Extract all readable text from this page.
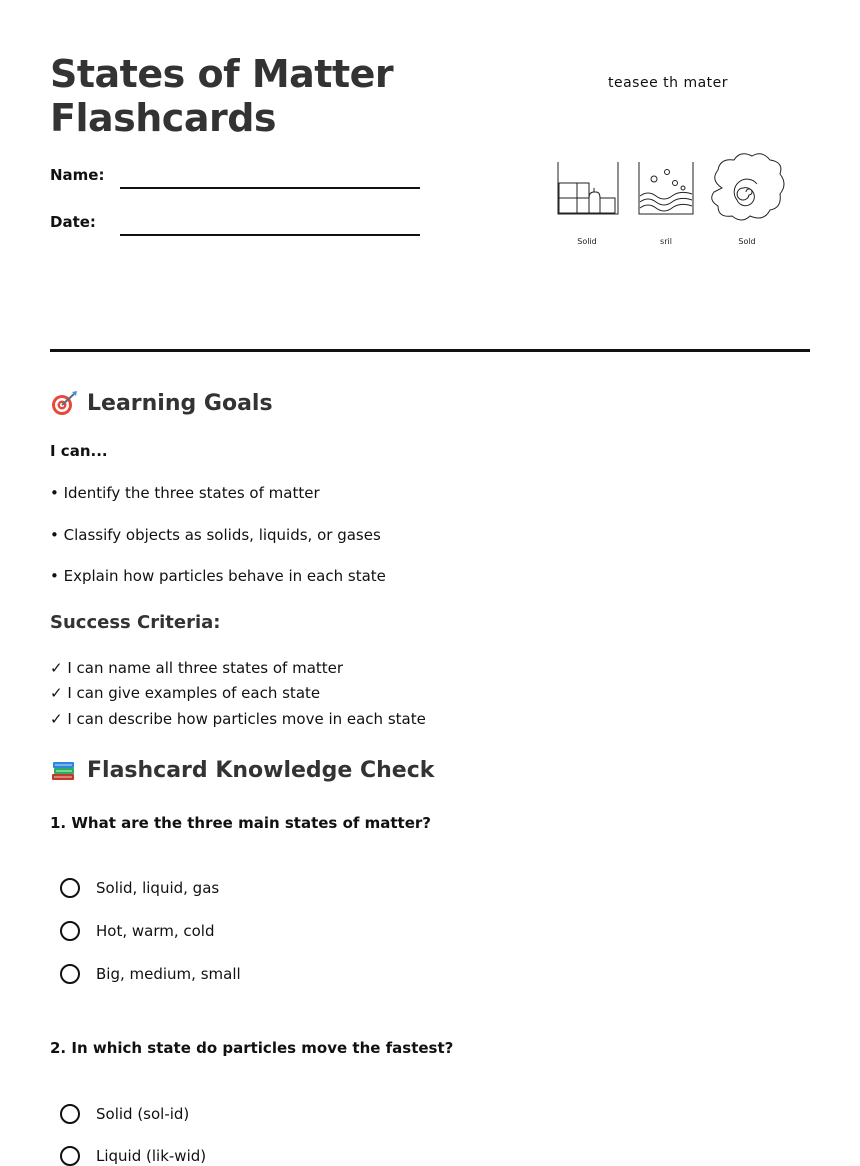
States of Matter
Flashcards
Name:
Date:
teasee th mater
Solid	sril	Sold
Learning Goals
I can...
• Identify the three states of matter
• Classify objects as solids, liquids, or gases
• Explain how particles behave in each state
Success Criteria:
✓ I can name all three states of matter
✓ I can give examples of each state
✓ I can describe how particles move in each state
Flashcard Knowledge Check
1. What are the three main states of matter?
Solid, liquid, gas
Hot, warm, cold
Big, medium, small
2. In which state do particles move the fastest?
Solid (sol-id)
Liquid (lik-wid)
